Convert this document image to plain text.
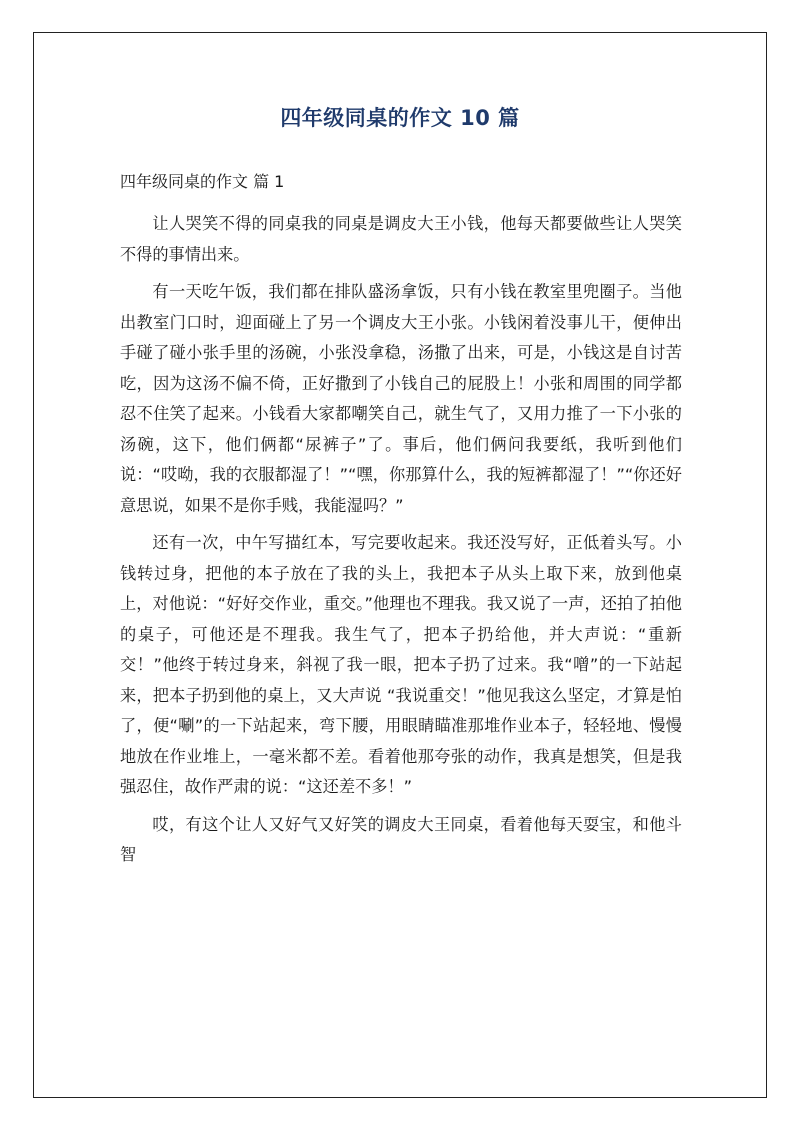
四年级同桌的作文 10 篇
四年级同桌的作文 篇 1

让人哭笑不得的同桌我的同桌是调皮大王小钱，他每天都要做些让人哭笑不得的事情出来。

有一天吃午饭，我们都在排队盛汤拿饭，只有小钱在教室里兜圈子。当他出教室门口时，迎面碰上了另一个调皮大王小张。小钱闲着没事儿干，便伸出手碰了碰小张手里的汤碗，小张没拿稳，汤撒了出来，可是，小钱这是自讨苦吃，因为这汤不偏不倚，正好撒到了小钱自己的屁股上！小张和周围的同学都忍不住笑了起来。小钱看大家都嘲笑自己，就生气了，又用力推了一下小张的汤碗，这下，他们俩都“尿裤子”了。事后，他们俩问我要纸，我听到他们说：“哎呦，我的衣服都湿了！”“嘿，你那算什么，我的短裤都湿了！”“你还好意思说，如果不是你手贱，我能湿吗？”

还有一次，中午写描红本，写完要收起来。我还没写好，正低着头写。小钱转过身，把他的本子放在了我的头上，我把本子从头上取下来，放到他桌上，对他说：“好好交作业，重交。”他理也不理我。我又说了一声，还拍了拍他的桌子，可他还是不理我。我生气了，把本子扔给他，并大声说：“重新交！”他终于转过身来，斜视了我一眼，把本子扔了过来。我“噌”的一下站起来，把本子扔到他的桌上，又大声说 “我说重交！”他见我这么坚定，才算是怕了，便“唰”的一下站起来，弯下腰，用眼睛瞄准那堆作业本子，轻轻地、慢慢地放在作业堆上，一毫米都不差。看着他那夸张的动作，我真是想笑，但是我强忍住，故作严肃的说：“这还差不多！”

哎，有这个让人又好气又好笑的调皮大王同桌，看着他每天耍宝，和他斗智
